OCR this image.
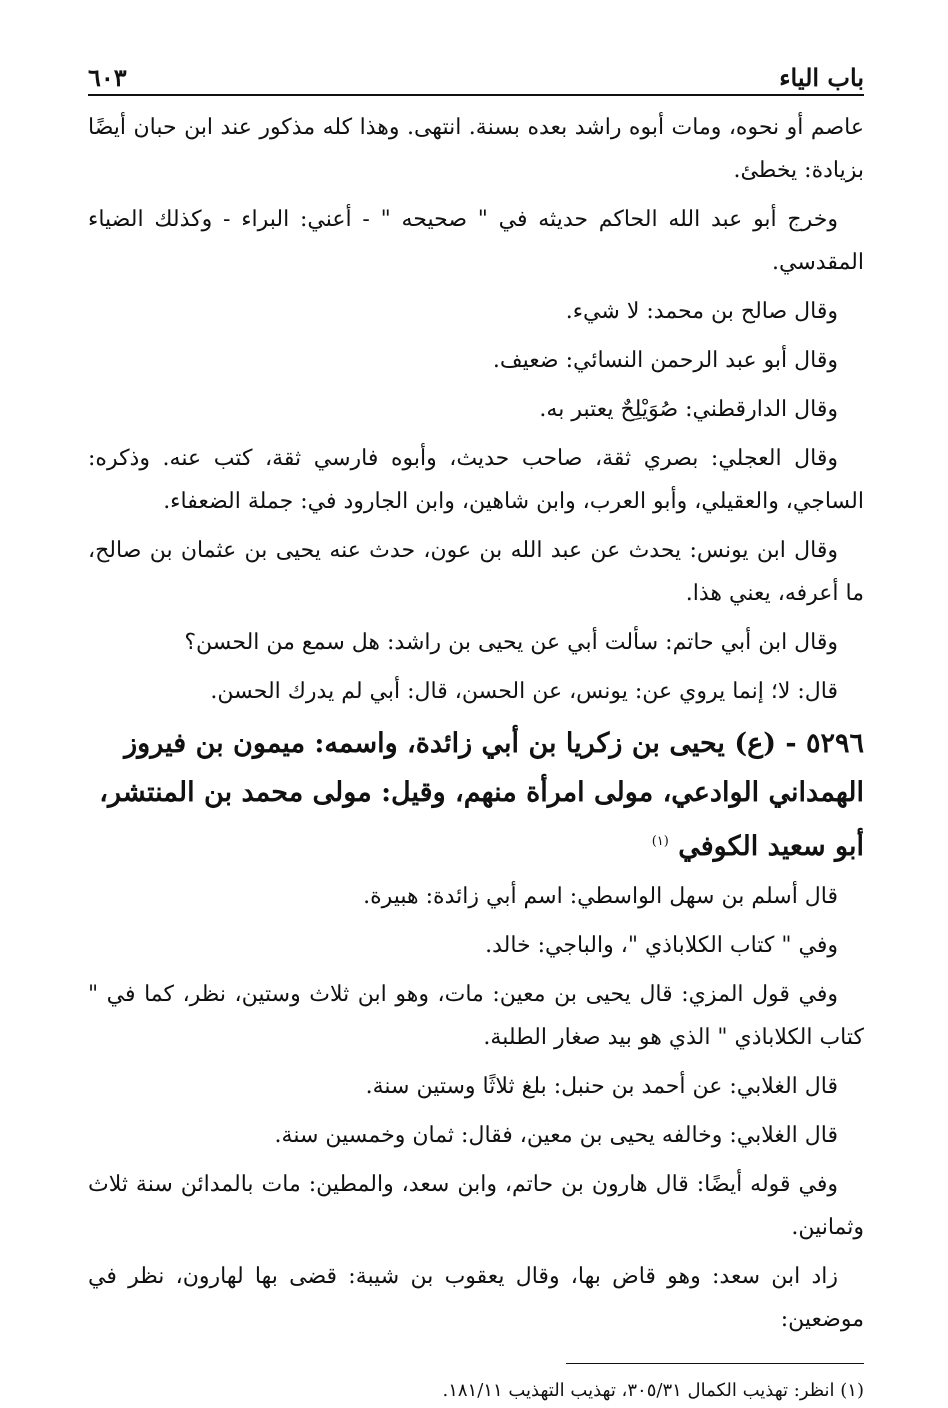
باب الياء
٦٠٣

عاصم أو نحوه، ومات أبوه راشد بعده بسنة. انتهى. وهذا كله مذكور عند ابن حبان أيضًا بزيادة: يخطئ.

وخرج أبو عبد الله الحاكم حديثه في " صحيحه " - أعني: البراء - وكذلك الضياء المقدسي.

وقال صالح بن محمد: لا شيء.

وقال أبو عبد الرحمن النسائي: ضعيف.

وقال الدارقطني: صُوَيْلِحٌ يعتبر به.

وقال العجلي: بصري ثقة، صاحب حديث، وأبوه فارسي ثقة، كتب عنه. وذكره: الساجي، والعقيلي، وأبو العرب، وابن شاهين، وابن الجارود في: جملة الضعفاء.

وقال ابن يونس: يحدث عن عبد الله بن عون، حدث عنه يحيى بن عثمان بن صالح، ما أعرفه، يعني هذا.

وقال ابن أبي حاتم: سألت أبي عن يحيى بن راشد: هل سمع من الحسن؟

قال: لا؛ إنما يروي عن: يونس، عن الحسن، قال: أبي لم يدرك الحسن.

٥٢٩٦ - (ع) يحيى بن زكريا بن أبي زائدة، واسمه: ميمون بن فيروز الهمداني الوادعي، مولى امرأة منهم، وقيل: مولى محمد بن المنتشر، أبو سعيد الكوفي $^{(١)}$

قال أسلم بن سهل الواسطي: اسم أبي زائدة: هبيرة.

وفي " كتاب الكلاباذي "، والباجي: خالد.

وفي قول المزي: قال يحيى بن معين: مات، وهو ابن ثلاث وستين، نظر، كما في " كتاب الكلاباذي " الذي هو بيد صغار الطلبة.

قال الغلابي: عن أحمد بن حنبل: بلغ ثلاثًا وستين سنة.

قال الغلابي: وخالفه يحيى بن معين، فقال: ثمان وخمسين سنة.

وفي قوله أيضًا: قال هارون بن حاتم، وابن سعد، والمطين: مات بالمدائن سنة ثلاث وثمانين.

زاد ابن سعد: وهو قاض بها، وقال يعقوب بن شيبة: قضى بها لهارون، نظر في موضعين:

(١) انظر: تهذيب الكمال ٣٠٥/٣١، تهذيب التهذيب ١٨١/١١.
